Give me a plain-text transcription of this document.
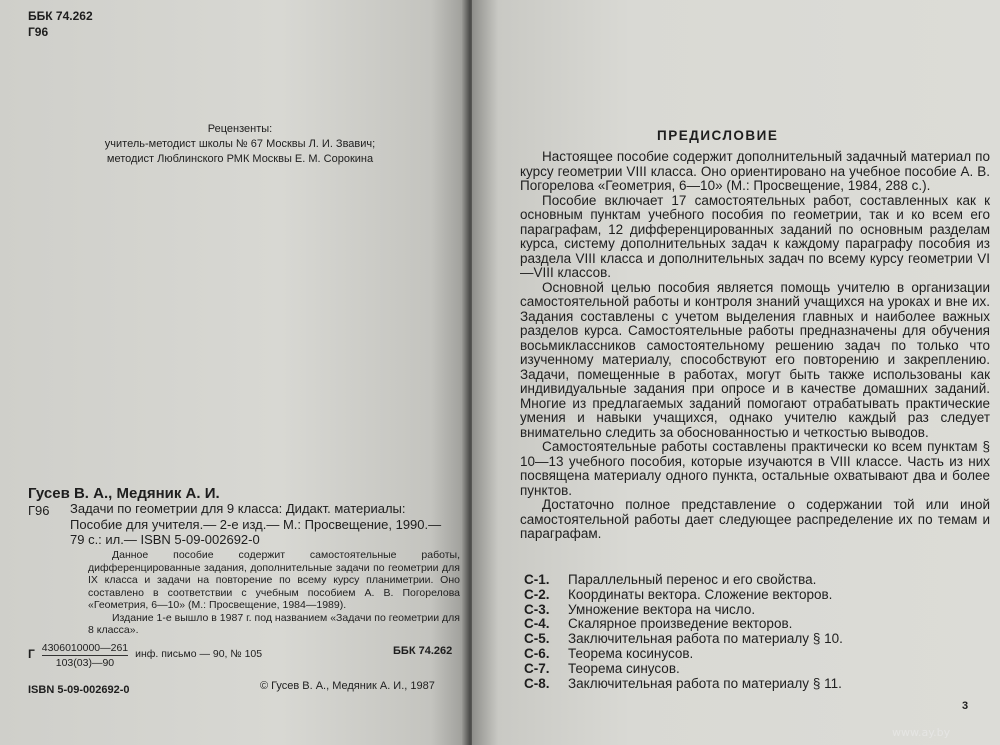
ББК 74.262
Г96
Рецензенты:
учитель-методист школы № 67 Москвы Л. И. Звавич;
методист Люблинского РМК Москвы Е. М. Сорокина
Гусев В. А., Медяник А. И.
Г96 Задачи по геометрии для 9 класса: Дидакт. материалы:
Пособие для учителя.— 2-е изд.— М.: Просвещение, 1990.—
79 с.: ил.— ISBN 5-09-002692-0

Данное пособие содержит самостоятельные работы, дифференцированные задания, дополнительные задачи по геометрии для IX класса и задачи на повторение по всему курсу планиметрии. Оно составлено в соответствии с учебным пособием А. В. Погорелова «Геометрия, 6—10» (М.: Просвещение, 1984—1989).

Издание 1-е вышло в 1987 г. под названием «Задачи по геометрии для 8 класса».

Г $\frac{4306010000—261}{103(03)—90}$ инф. письмо — 90, № 105	ББК 74.262
ISBN 5-09-002692-0	© Гусев В. А., Медяник А. И., 1987
ПРЕДИСЛОВИЕ

Настоящее пособие содержит дополнительный задачный материал по курсу геометрии VIII класса. Оно ориентировано на учебное пособие А. В. Погорелова «Геометрия, 6—10» (М.: Просвещение, 1984, 288 с.).

Пособие включает 17 самостоятельных работ, составленных как к основным пунктам учебного пособия по геометрии, так и ко всем его параграфам, 12 дифференцированных заданий по основным разделам курса, систему дополнительных задач к каждому параграфу пособия из раздела VIII класса и дополнительных задач по всему курсу геометрии VI—VIII классов.

Основной целью пособия является помощь учителю в организации самостоятельной работы и контроля знаний учащихся на уроках и вне их. Задания составлены с учетом выделения главных и наиболее важных разделов курса. Самостоятельные работы предназначены для обучения восьмиклассников самостоятельному решению задач по только что изученному материалу, способствуют его повторению и закреплению. Задачи, помещенные в работах, могут быть также использованы как индивидуальные задания при опросе и в качестве домашних заданий. Многие из предлагаемых заданий помогают отрабатывать практические умения и навыки учащихся, однако учителю каждый раз следует внимательно следить за обоснованностью и четкостью выводов.

Самостоятельные работы составлены практически ко всем пунктам § 10—13 учебного пособия, которые изучаются в VIII классе. Часть из них посвящена материалу одного пункта, остальные охватывают два и более пунктов.

Достаточно полное представление о содержании той или иной самостоятельной работы дает следующее распределение их по темам и параграфам.

С-1.	Параллельный перенос и его свойства.
С-2.	Координаты вектора. Сложение векторов.
С-3.	Умножение вектора на число.
С-4.	Скалярное произведение векторов.
С-5.	Заключительная работа по материалу § 10.
С-6.	Теорема косинусов.
С-7.	Теорема синусов.
С-8.	Заключительная работа по материалу § 11.
3
www.ay.by
